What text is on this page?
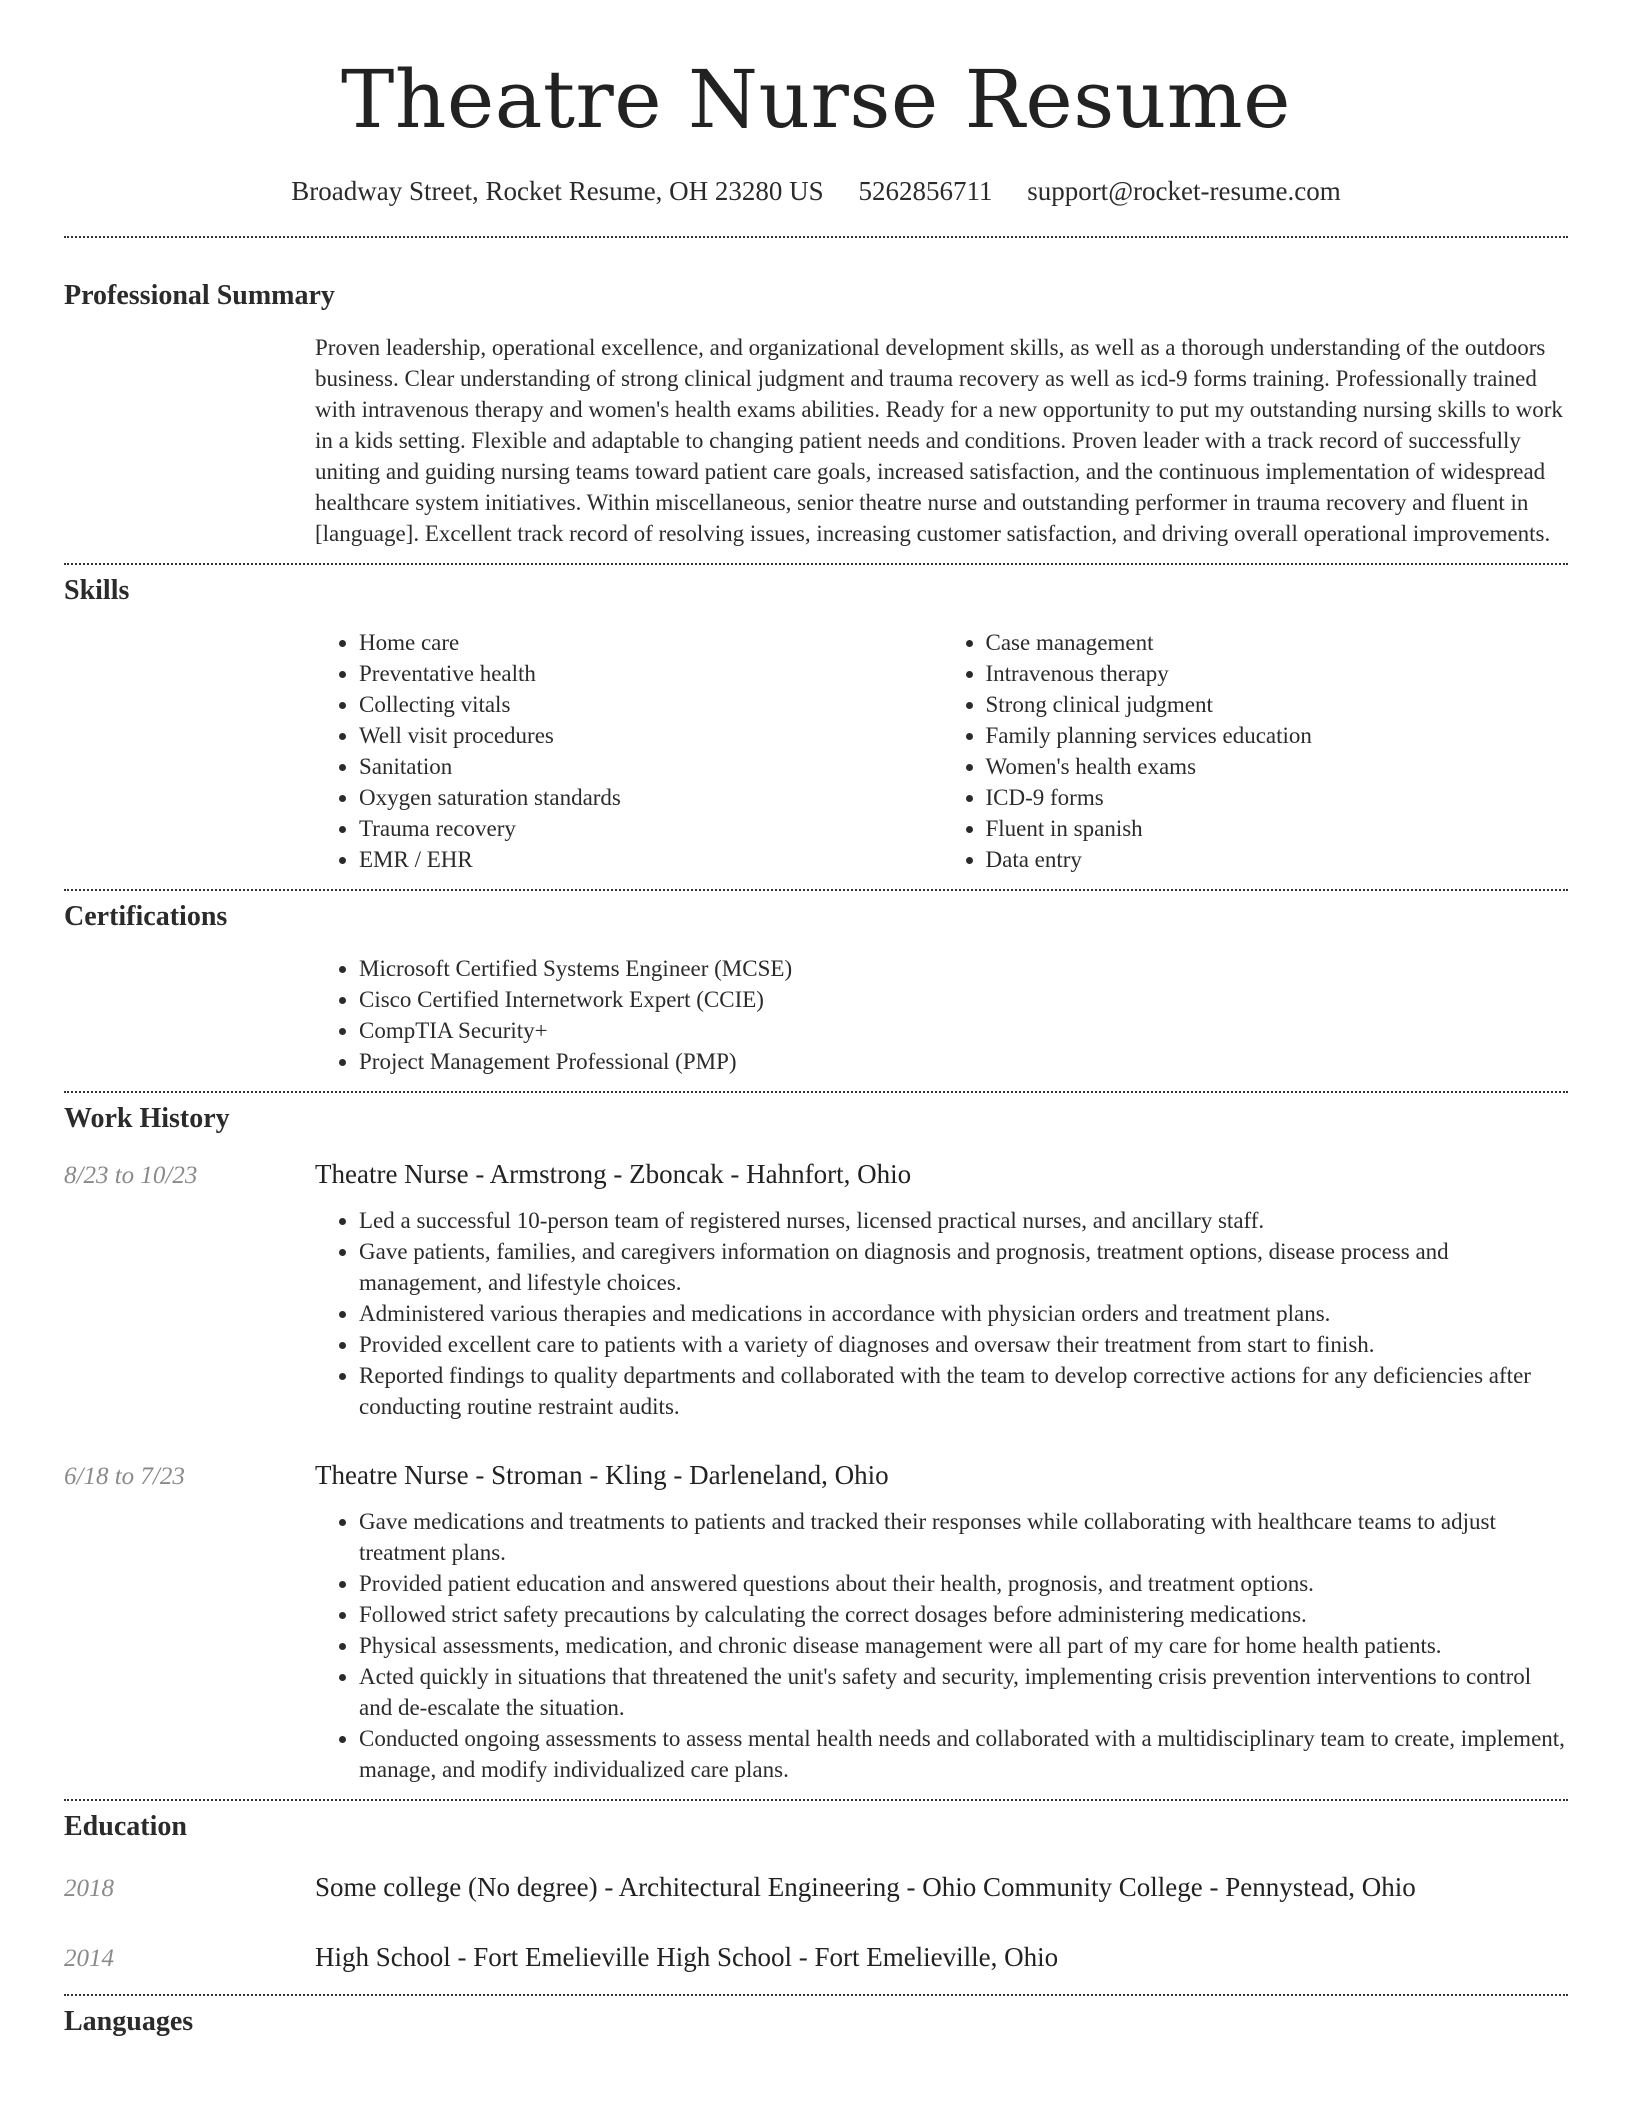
Theatre Nurse Resume
Broadway Street, Rocket Resume, OH 23280 US 5262856711 support@rocket-resume.com
Professional Summary

Proven leadership, operational excellence, and organizational development skills, as well as a thorough understanding of the outdoors business. Clear understanding of strong clinical judgment and trauma recovery as well as icd-9 forms training. Professionally trained with intravenous therapy and women's health exams abilities. Ready for a new opportunity to put my outstanding nursing skills to work in a kids setting. Flexible and adaptable to changing patient needs and conditions. Proven leader with a track record of successfully uniting and guiding nursing teams toward patient care goals, increased satisfaction, and the continuous implementation of widespread healthcare system initiatives. Within miscellaneous, senior theatre nurse and outstanding performer in trauma recovery and fluent in [language]. Excellent track record of resolving issues, increasing customer satisfaction, and driving overall operational improvements.

Skills
• Home care
• Preventative health
• Collecting vitals
• Well visit procedures
• Sanitation
• Oxygen saturation standards
• Trauma recovery
• EMR / EHR
• Case management
• Intravenous therapy
• Strong clinical judgment
• Family planning services education
• Women's health exams
• ICD-9 forms
• Fluent in spanish
• Data entry
Certifications
• Microsoft Certified Systems Engineer (MCSE)
• Cisco Certified Internetwork Expert (CCIE)
• CompTIA Security+
• Project Management Professional (PMP)
Work History
8/23 to 10/23	Theatre Nurse - Armstrong - Zboncak - Hahnfort, Ohio
• Led a successful 10-person team of registered nurses, licensed practical nurses, and ancillary staff.
• Gave patients, families, and caregivers information on diagnosis and prognosis, treatment options, disease process and management, and lifestyle choices.
• Administered various therapies and medications in accordance with physician orders and treatment plans.
• Provided excellent care to patients with a variety of diagnoses and oversaw their treatment from start to finish.
• Reported findings to quality departments and collaborated with the team to develop corrective actions for any deficiencies after conducting routine restraint audits.
6/18 to 7/23	Theatre Nurse - Stroman - Kling - Darleneland, Ohio
• Gave medications and treatments to patients and tracked their responses while collaborating with healthcare teams to adjust treatment plans.
• Provided patient education and answered questions about their health, prognosis, and treatment options.
• Followed strict safety precautions by calculating the correct dosages before administering medications.
• Physical assessments, medication, and chronic disease management were all part of my care for home health patients.
• Acted quickly in situations that threatened the unit's safety and security, implementing crisis prevention interventions to control and de-escalate the situation.
• Conducted ongoing assessments to assess mental health needs and collaborated with a multidisciplinary team to create, implement, manage, and modify individualized care plans.
Education
2018	Some college (No degree) - Architectural Engineering - Ohio Community College - Pennystead, Ohio
2014	High School - Fort Emelieville High School - Fort Emelieville, Ohio
Languages
